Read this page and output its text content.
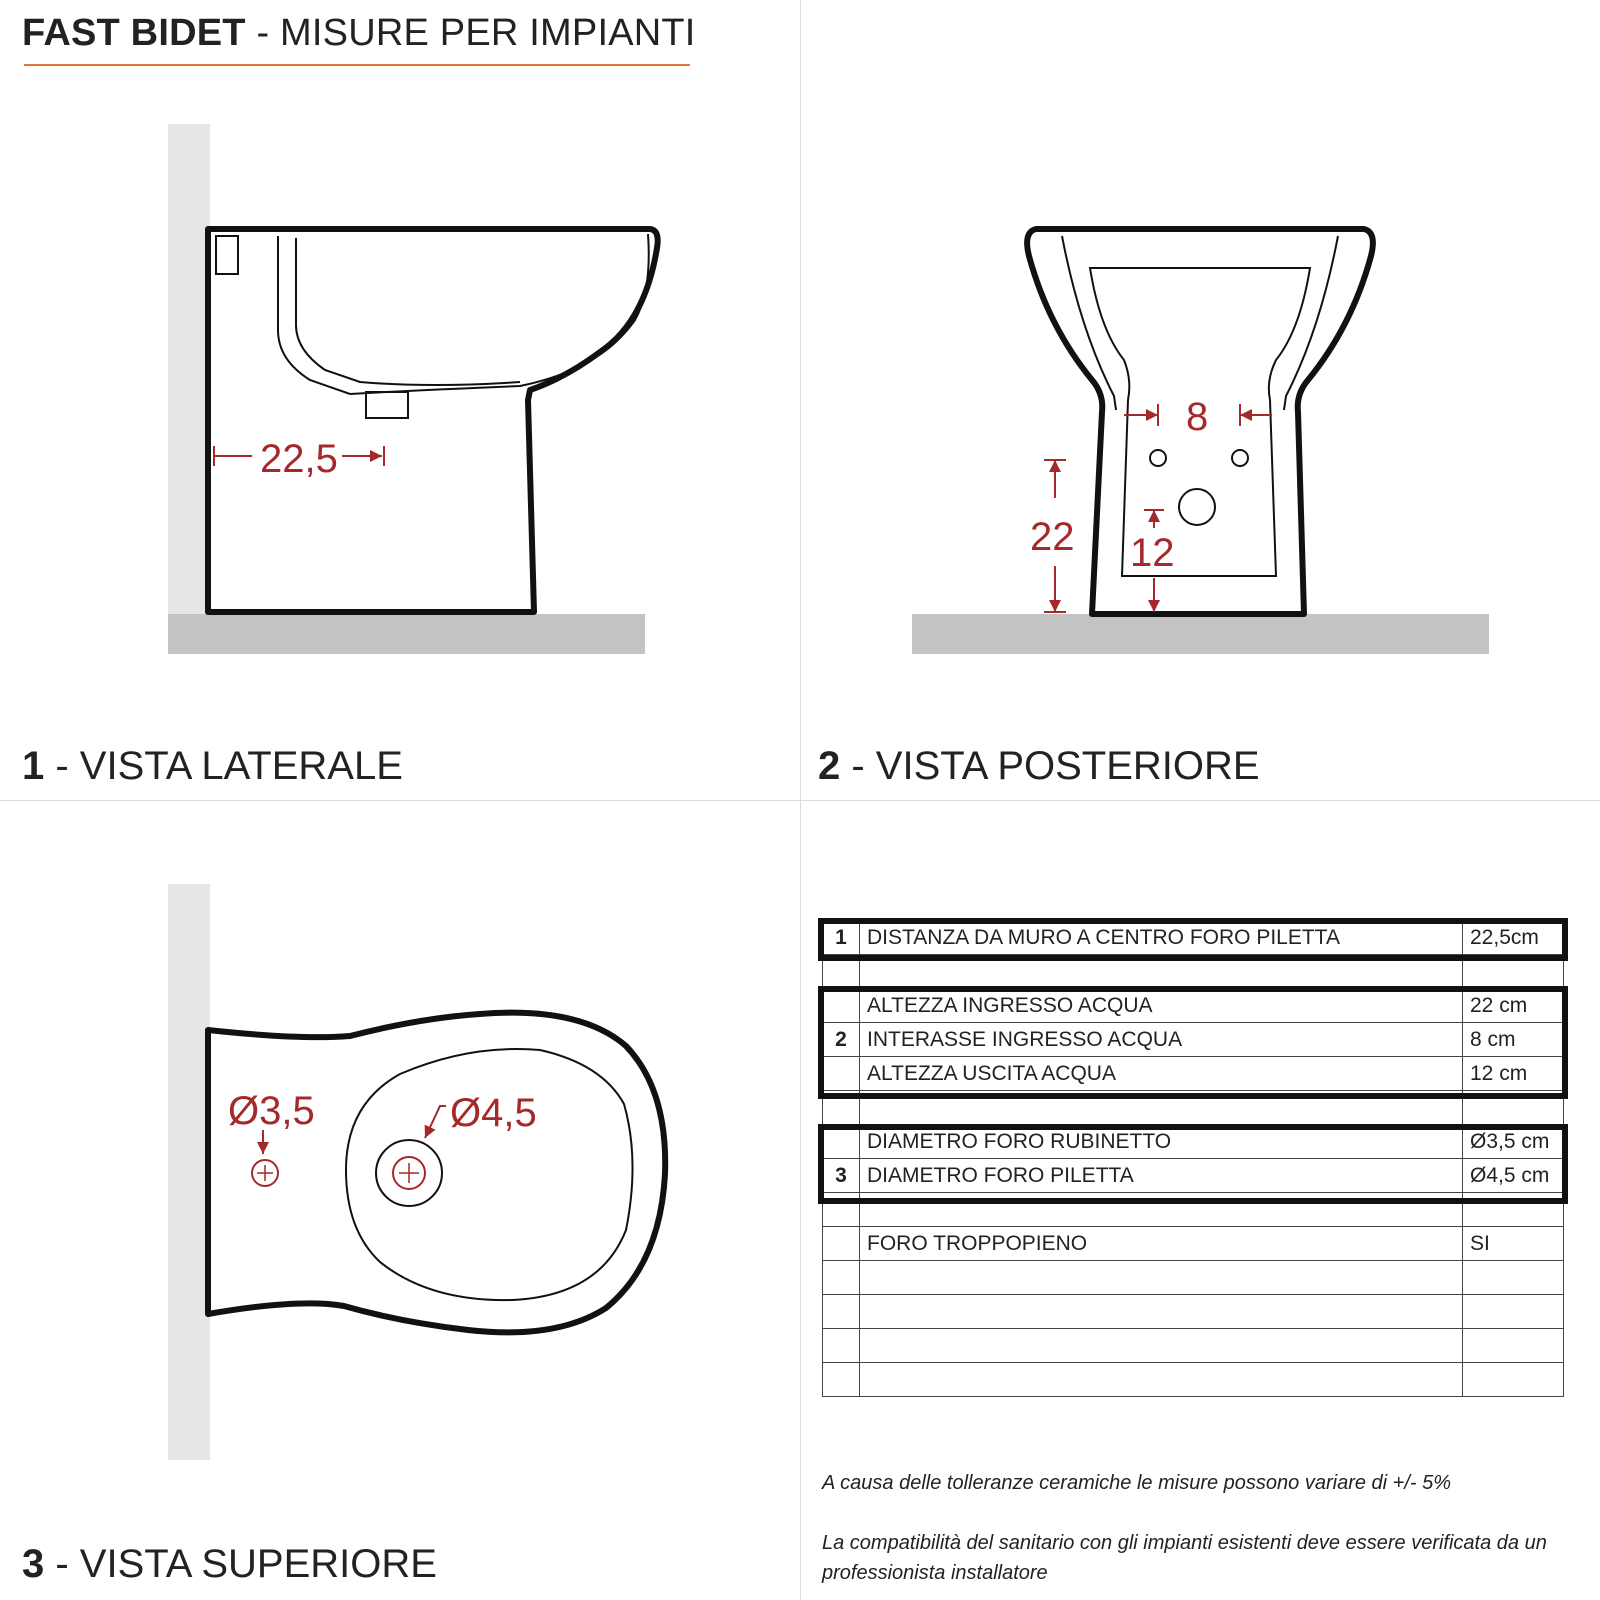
FAST BIDET - MISURE PER IMPIANTI
1 - VISTA LATERALE	2 - VISTA POSTERIORE
3 - VISTA SUPERIORE
22,5
8
22 12
Ø3,5	Ø4,5
1	DISTANZA DA MURO A CENTRO FORO PILETTA	22,5cm

	ALTEZZA INGRESSO ACQUA	22 cm
2	INTERASSE INGRESSO ACQUA	8 cm
	ALTEZZA USCITA ACQUA	12 cm

	DIAMETRO FORO RUBINETTO	Ø3,5 cm
3	DIAMETRO FORO PILETTA	Ø4,5 cm

	FORO TROPPOPIENO	SI

A causa delle tolleranze ceramiche le misure possono variare di +/- 5%
La compatibilità del sanitario con gli impianti esistenti deve essere verificata da un professionista installatore
